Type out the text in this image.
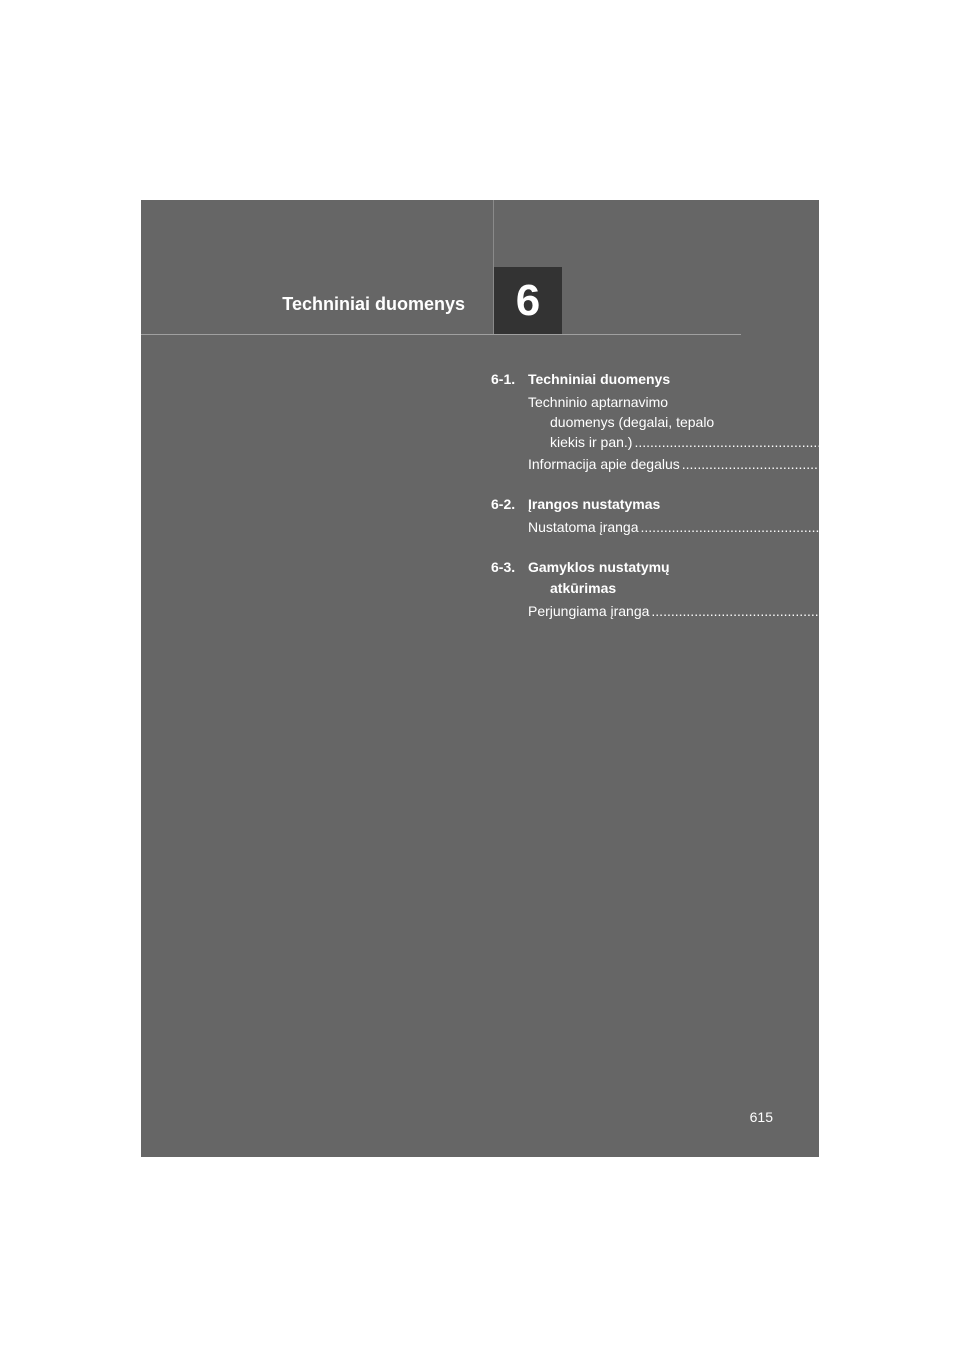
Techniniai duomenys	6
6-1. Techniniai duomenys
Techninio aptarnavimo
duomenys (degalai, tepalo
kiekis ir pan.) .................................................. 616
Informacija apie degalus .................................................. 637
6-2. Įrangos nustatymas
Nustatoma įranga .................................................. 640
6-3. Gamyklos nustatymų
atkūrimas
Perjungiama įranga .................................................. 644
615
